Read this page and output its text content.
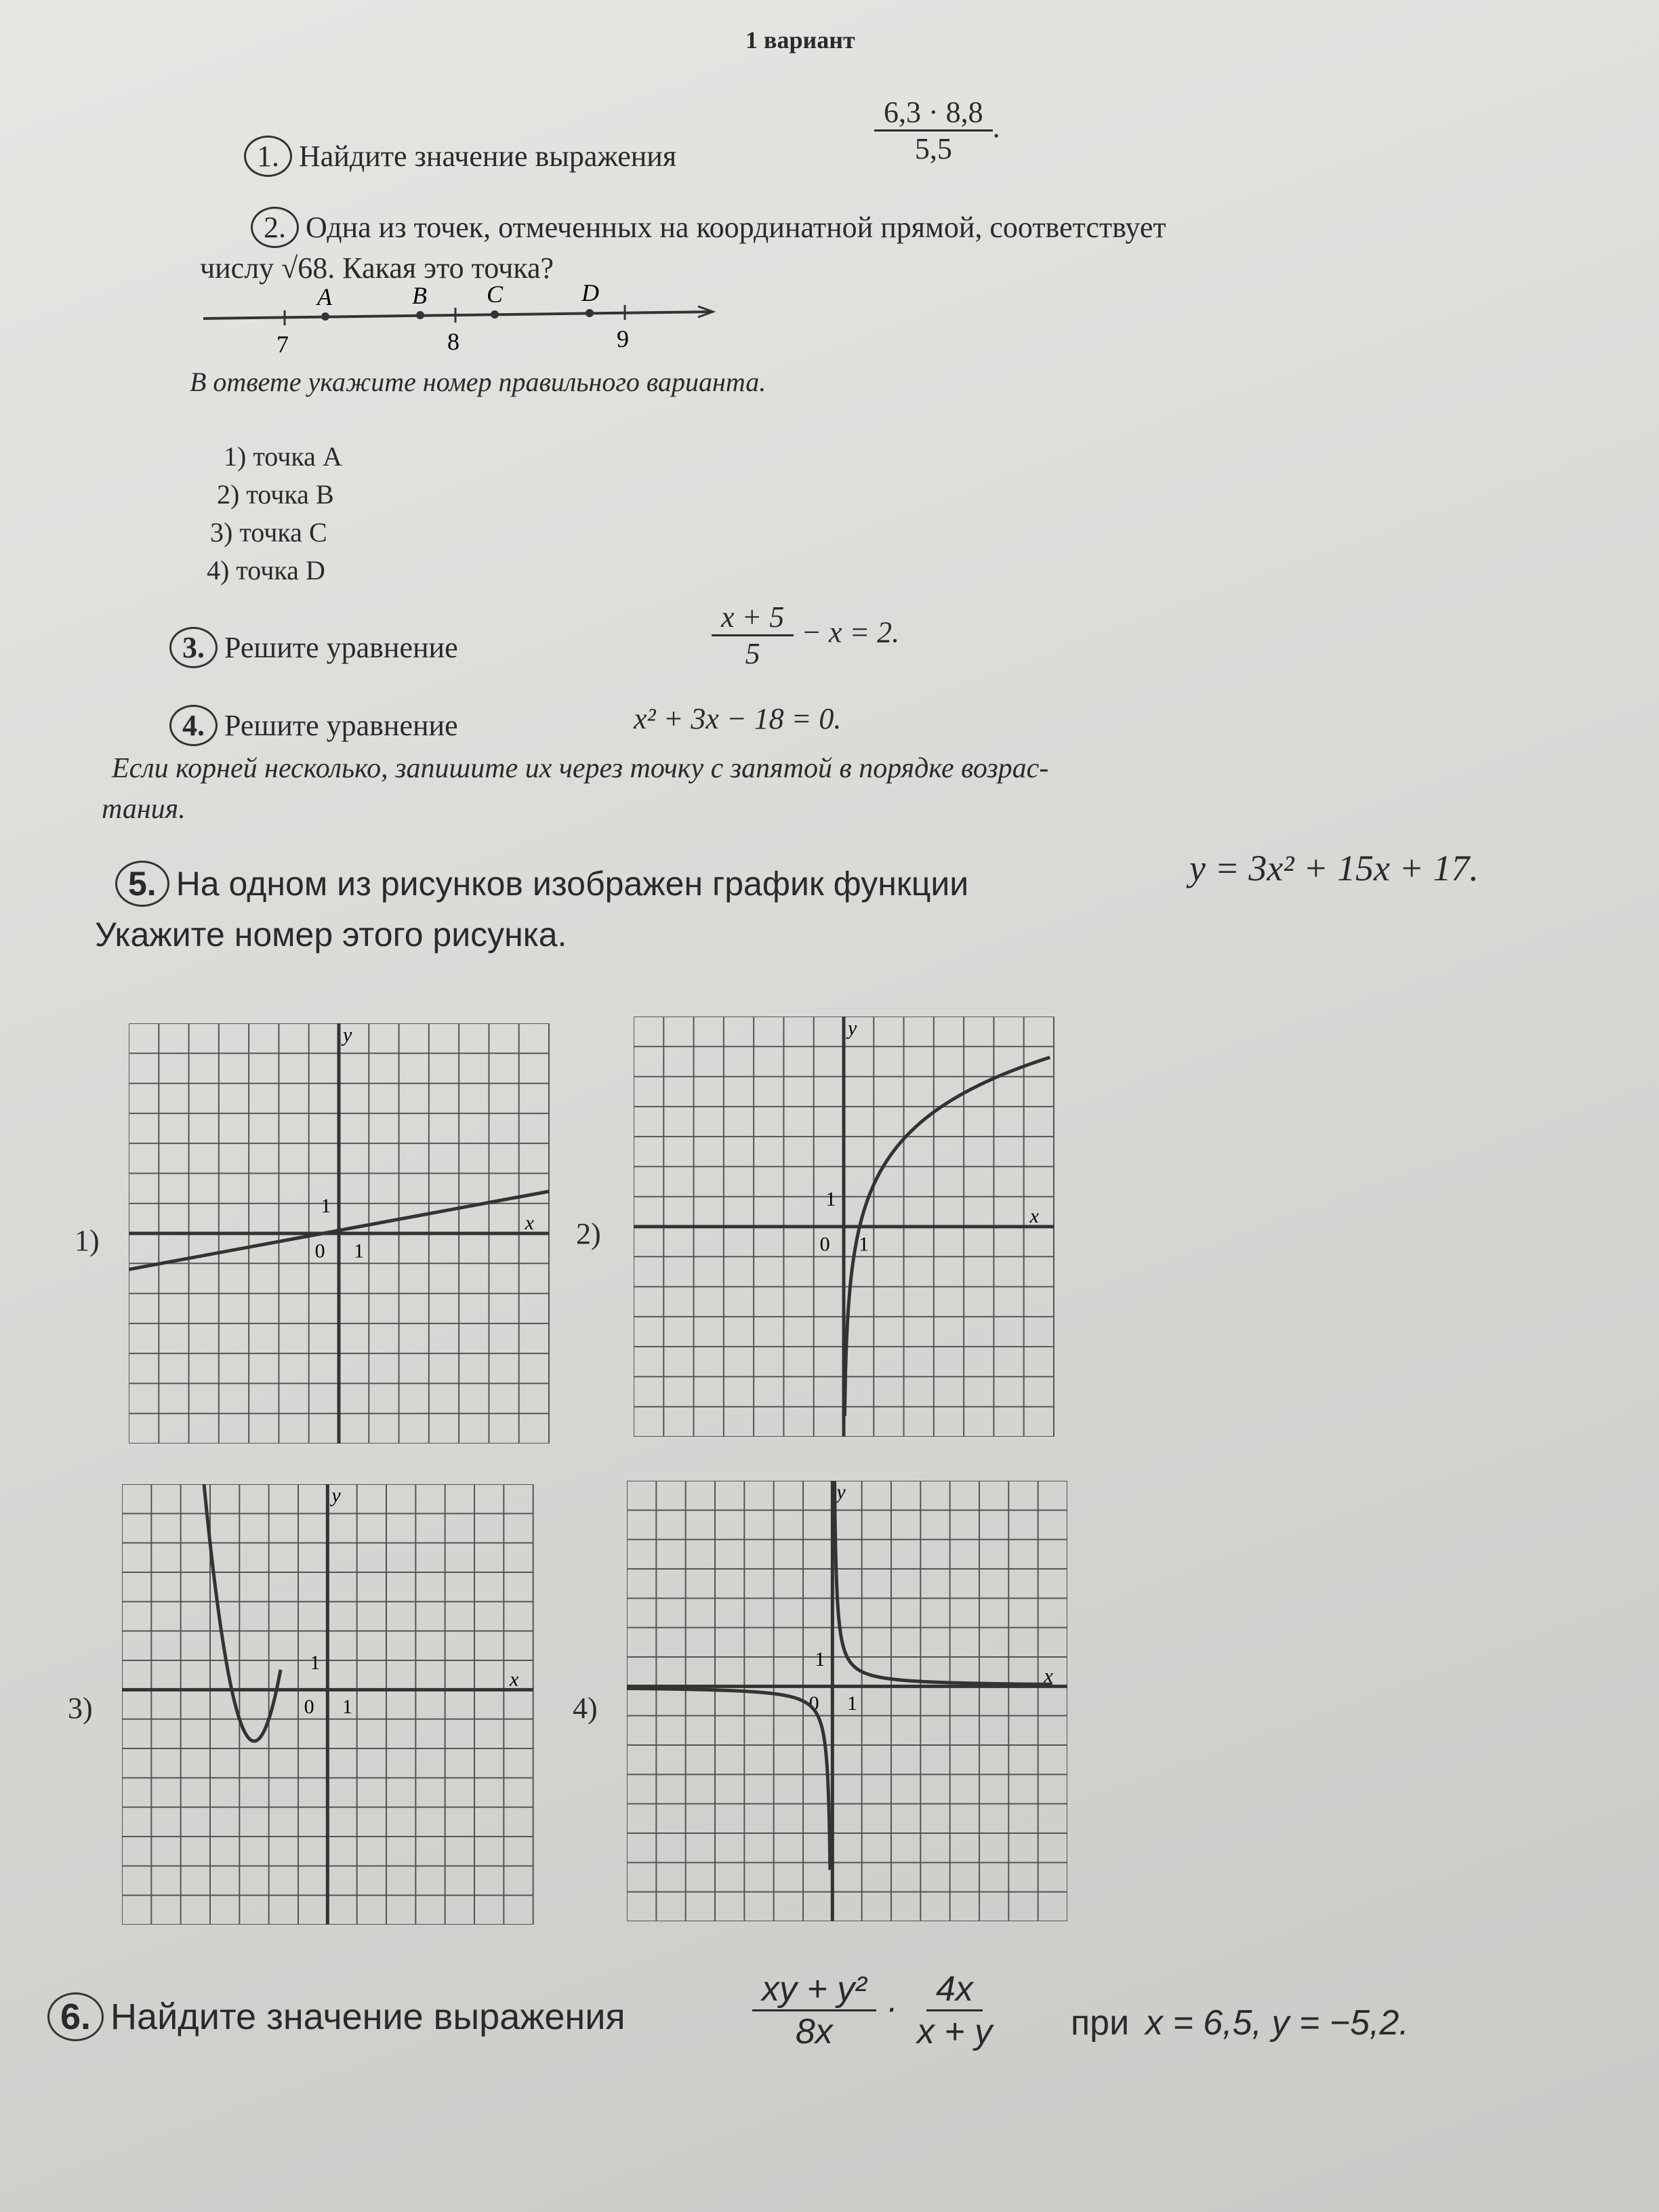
1 вариант
1. Найдите значение выражения	$\frac{6,3 \cdot 8,8}{5,5}$ .
2. Одна из точек, отмеченных на координатной прямой, соответствует
числу √68. Какая это точка?
7	8	9
A	B C	D
В ответе укажите номер правильного варианта.
1) точка A
2) точка B
3) точка C
4) точка D
3. Решите уравнение	$\frac{x + 5}{5} - x = 2$.
4. Решите уравнение	x² + 3x − 18 = 0.
Если корней несколько, запишите их через точку с запятой в порядке возрас-
тания.
5. На одном из рисунков изображен график функции	y = 3x² + 15x + 17.
Укажите номер этого рисунка.
1)	2)
3)	4)
x
y
0 1
1	x
y
0 1
1
x
y
0 1
1
x
y
0 1
1
6. Найдите значение выражения	$\frac{\text{xy + y²}}{8x} \cdot \frac{4x}{x + y}$ при x = 6,5, y = −5,2.
